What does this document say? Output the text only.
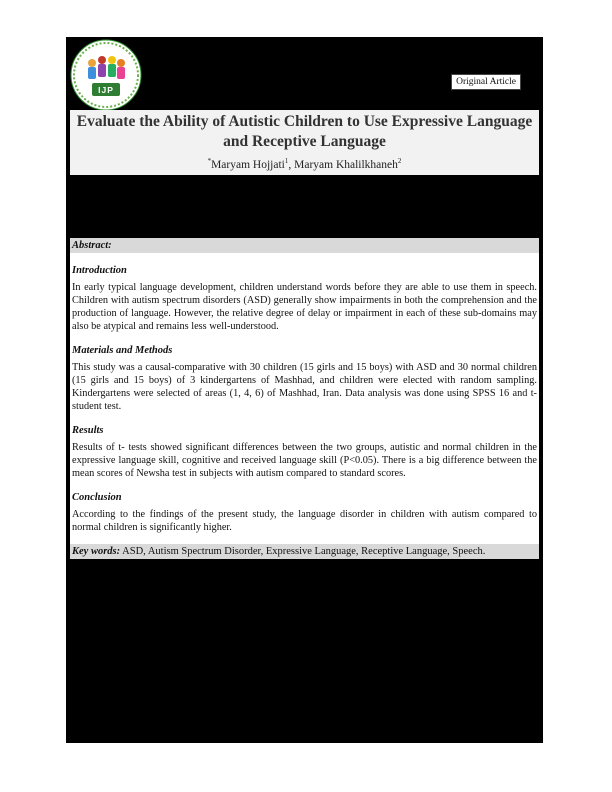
IJP
Original Article
Evaluate the Ability of Autistic Children to Use Expressive Language and Receptive Language
*Maryam Hojjati$^1$, Maryam Khalilkhaneh$^2$
Abstract:
Introduction
In early typical language development, children understand words before they are able to use them in speech. Children with autism spectrum disorders (ASD) generally show impairments in both the comprehension and the production of language. However, the relative degree of delay or impairment in each of these sub-domains may also be atypical and remains less well-understood.
Materials and Methods
This study was a causal-comparative with 30 children (15 girls and 15 boys) with ASD and 30 normal children (15 girls and 15 boys) of 3 kindergartens of Mashhad, and children were elected with random sampling. Kindergartens were selected of areas (1, 4, 6) of Mashhad, Iran. Data analysis was done using SPSS 16 and t-student test.
Results
Results of t- tests showed significant differences between the two groups, autistic and normal children in the expressive language skill, cognitive and received language skill (P<0.05). There is a big difference between the mean scores of Newsha test in subjects with autism compared to standard scores.
Conclusion
According to the findings of the present study, the language disorder in children with autism compared to normal children is significantly higher.
Key words: ASD, Autism Spectrum Disorder, Expressive Language, Receptive Language, Speech.
